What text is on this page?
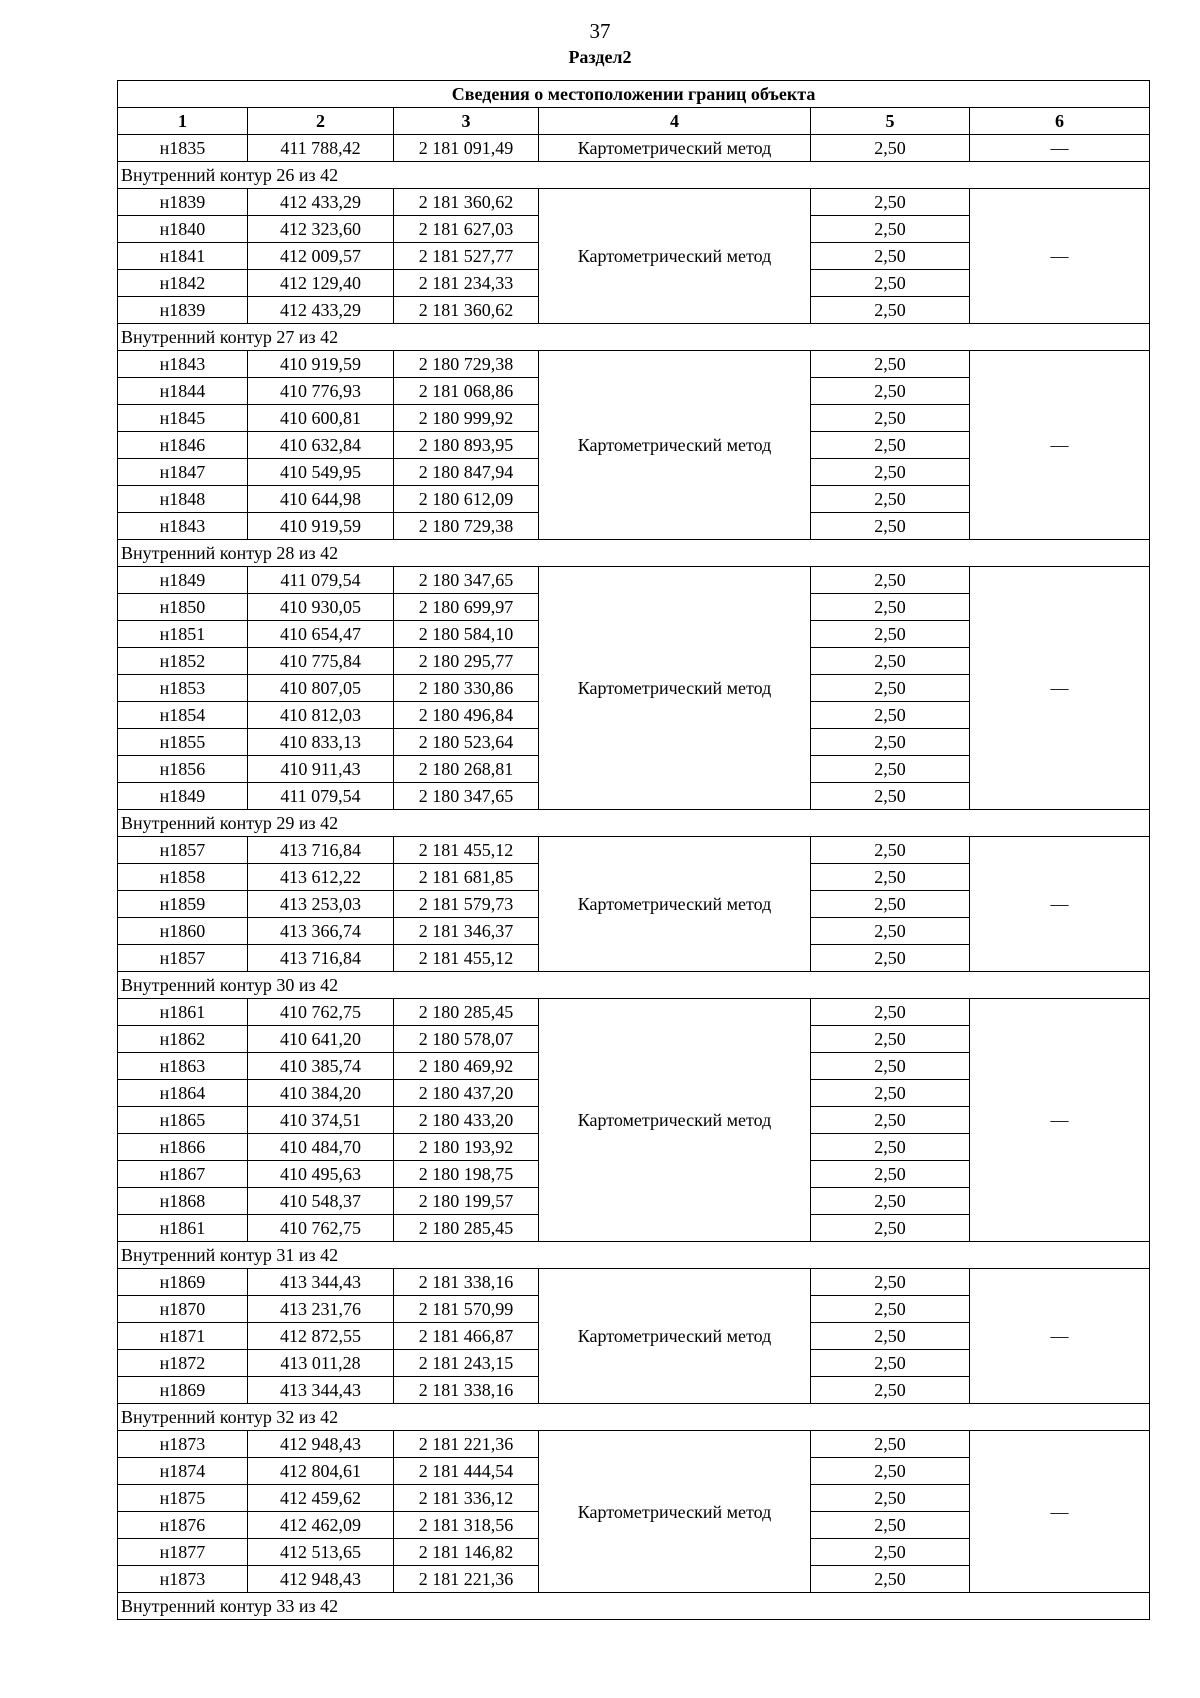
37
Раздел2
Сведения о местоположении границ объекта					
1	2	3	4	5	6
н1835	411 788,42	2 181 091,49	Картометрический метод	2,50	—
Внутренний контур 26 из 42					
н1839	412 433,29	2 181 360,62	Картометрический метод	2,50	—
н1840	412 323,60	2 181 627,03		2,50	
н1841	412 009,57	2 181 527,77		2,50	
н1842	412 129,40	2 181 234,33		2,50	
н1839	412 433,29	2 181 360,62		2,50	
Внутренний контур 27 из 42					
н1843	410 919,59	2 180 729,38	Картометрический метод	2,50	—
н1844	410 776,93	2 181 068,86		2,50	
н1845	410 600,81	2 180 999,92		2,50	
н1846	410 632,84	2 180 893,95		2,50	
н1847	410 549,95	2 180 847,94		2,50	
н1848	410 644,98	2 180 612,09		2,50	
н1843	410 919,59	2 180 729,38		2,50	
Внутренний контур 28 из 42					
н1849	411 079,54	2 180 347,65	Картометрический метод	2,50	—
н1850	410 930,05	2 180 699,97		2,50	
н1851	410 654,47	2 180 584,10		2,50	
н1852	410 775,84	2 180 295,77		2,50	
н1853	410 807,05	2 180 330,86		2,50	
н1854	410 812,03	2 180 496,84		2,50	
н1855	410 833,13	2 180 523,64		2,50	
н1856	410 911,43	2 180 268,81		2,50	
н1849	411 079,54	2 180 347,65		2,50	
Внутренний контур 29 из 42					
н1857	413 716,84	2 181 455,12	Картометрический метод	2,50	—
н1858	413 612,22	2 181 681,85		2,50	
н1859	413 253,03	2 181 579,73		2,50	
н1860	413 366,74	2 181 346,37		2,50	
н1857	413 716,84	2 181 455,12		2,50	
Внутренний контур 30 из 42					
н1861	410 762,75	2 180 285,45	Картометрический метод	2,50	—
н1862	410 641,20	2 180 578,07		2,50	
н1863	410 385,74	2 180 469,92		2,50	
н1864	410 384,20	2 180 437,20		2,50	
н1865	410 374,51	2 180 433,20		2,50	
н1866	410 484,70	2 180 193,92		2,50	
н1867	410 495,63	2 180 198,75		2,50	
н1868	410 548,37	2 180 199,57		2,50	
н1861	410 762,75	2 180 285,45		2,50	
Внутренний контур 31 из 42					
н1869	413 344,43	2 181 338,16	Картометрический метод	2,50	—
н1870	413 231,76	2 181 570,99		2,50	
н1871	412 872,55	2 181 466,87		2,50	
н1872	413 011,28	2 181 243,15		2,50	
н1869	413 344,43	2 181 338,16		2,50	
Внутренний контур 32 из 42					
н1873	412 948,43	2 181 221,36	Картометрический метод	2,50	—
н1874	412 804,61	2 181 444,54		2,50	
н1875	412 459,62	2 181 336,12		2,50	
н1876	412 462,09	2 181 318,56		2,50	
н1877	412 513,65	2 181 146,82		2,50	
н1873	412 948,43	2 181 221,36		2,50	
Внутренний контур 33 из 42					
